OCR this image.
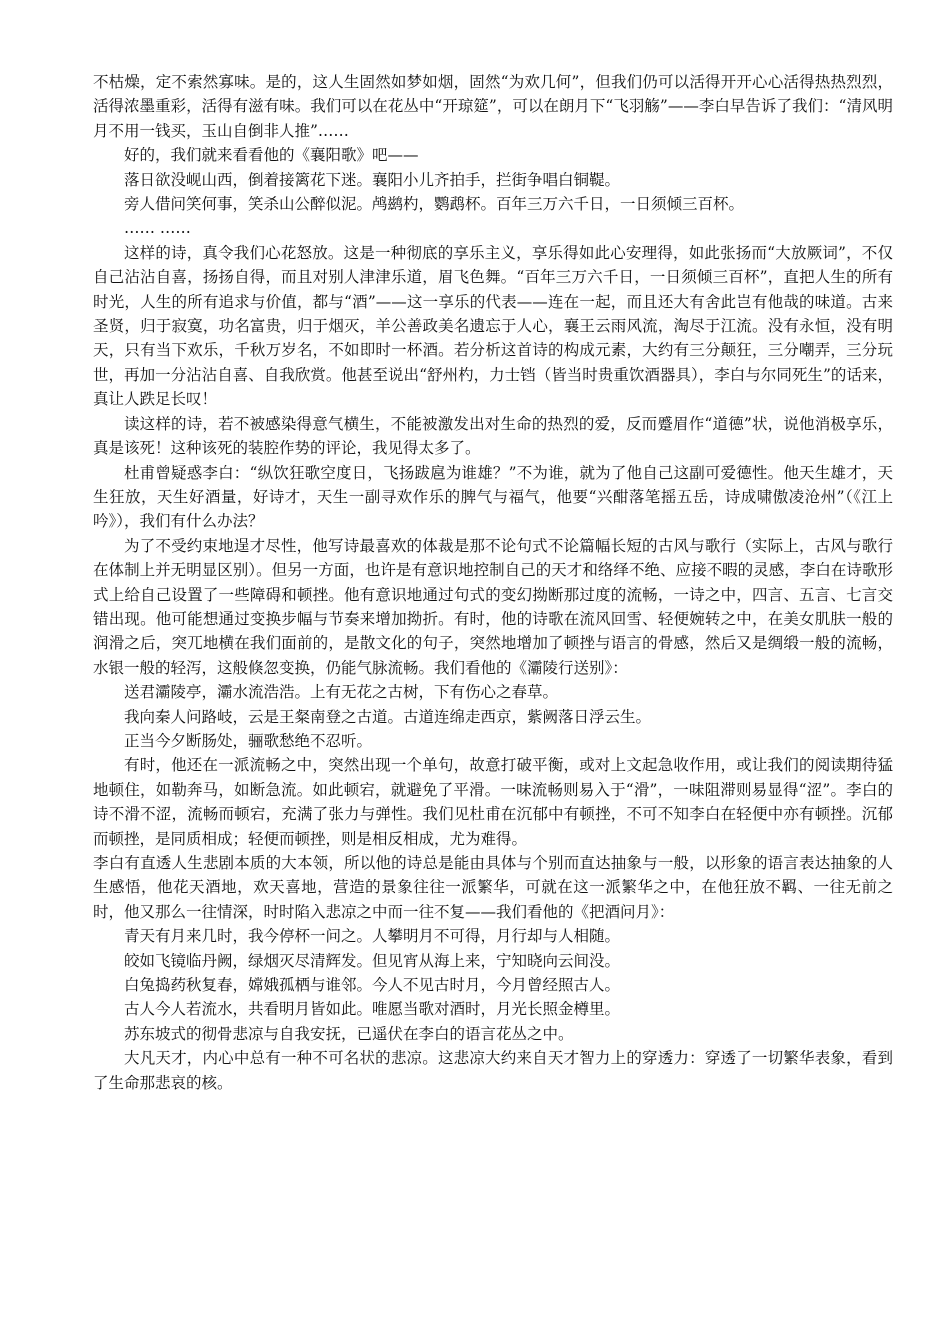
不枯燥，定不索然寡味。是的，这人生固然如梦如烟，固然“为欢几何”，但我们仍可以活得开开心心活得热热烈烈，活得浓墨重彩，活得有滋有味。我们可以在花丛中“开琼筵”，可以在朗月下“飞羽觞”——李白早告诉了我们：“清风明月不用一钱买，玉山自倒非人推”……

好的，我们就来看看他的《襄阳歌》吧——

落日欲没岘山西，倒着接篱花下迷。襄阳小儿齐拍手，拦街争唱白铜鞮。

旁人借问笑何事，笑杀山公醉似泥。鸬鹚杓，鹦鹉杯。百年三万六千日，一日须倾三百杯。

…… ……

这样的诗，真令我们心花怒放。这是一种彻底的享乐主义，享乐得如此心安理得，如此张扬而“大放厥词”，不仅自己沾沾自喜，扬扬自得，而且对别人津津乐道，眉飞色舞。“百年三万六千日，一日须倾三百杯”，直把人生的所有时光，人生的所有追求与价值，都与“酒”——这一享乐的代表——连在一起，而且还大有舍此岂有他哉的味道。古来圣贤，归于寂寞，功名富贵，归于烟灭，羊公善政美名遗忘于人心，襄王云雨风流，淘尽于江流。没有永恒，没有明天，只有当下欢乐，千秋万岁名，不如即时一杯酒。若分析这首诗的构成元素，大约有三分颠狂，三分嘲弄，三分玩世，再加一分沾沾自喜、自我欣赏。他甚至说出“舒州杓，力士铛（皆当时贵重饮酒器具），李白与尔同死生”的话来，真让人跌足长叹！

读这样的诗，若不被感染得意气横生，不能被激发出对生命的热烈的爱，反而蹙眉作“道德”状，说他消极享乐，真是该死！这种该死的装腔作势的评论，我见得太多了。

杜甫曾疑惑李白：“纵饮狂歌空度日，飞扬跋扈为谁雄？”不为谁，就为了他自己这副可爱德性。他天生雄才，天生狂放，天生好酒量，好诗才，天生一副寻欢作乐的脾气与福气，他要“兴酣落笔摇五岳，诗成啸傲凌沧州”（《江上吟》），我们有什么办法？

为了不受约束地逞才尽性，他写诗最喜欢的体裁是那不论句式不论篇幅长短的古风与歌行（实际上，古风与歌行在体制上并无明显区别）。但另一方面，也许是有意识地控制自己的天才和络绎不绝、应接不暇的灵感，李白在诗歌形式上给自己设置了一些障碍和顿挫。他有意识地通过句式的变幻拗断那过度的流畅，一诗之中，四言、五言、七言交错出现。他可能想通过变换步幅与节奏来增加拗折。有时，他的诗歌在流风回雪、轻便婉转之中，在美女肌肤一般的润滑之后，突兀地横在我们面前的，是散文化的句子，突然地增加了顿挫与语言的骨感，然后又是绸缎一般的流畅，水银一般的轻泻，这般倏忽变换，仍能气脉流畅。我们看他的《灞陵行送别》：

送君灞陵亭，灞水流浩浩。上有无花之古树，下有伤心之春草。

我向秦人问路岐，云是王粲南登之古道。古道连绵走西京，紫阙落日浮云生。

正当今夕断肠处，骊歌愁绝不忍听。

有时，他还在一派流畅之中，突然出现一个单句，故意打破平衡，或对上文起急收作用，或让我们的阅读期待猛地顿住，如勒奔马，如断急流。如此顿宕，就避免了平滑。一味流畅则易入于“滑”，一味阻滞则易显得“涩”。李白的诗不滑不涩，流畅而顿宕，充满了张力与弹性。我们见杜甫在沉郁中有顿挫，不可不知李白在轻便中亦有顿挫。沉郁而顿挫，是同质相成；轻便而顿挫，则是相反相成，尤为难得。

李白有直透人生悲剧本质的大本领，所以他的诗总是能由具体与个别而直达抽象与一般，以形象的语言表达抽象的人生感悟，他花天酒地，欢天喜地，营造的景象往往一派繁华，可就在这一派繁华之中，在他狂放不羁、一往无前之时，他又那么一往情深，时时陷入悲凉之中而一往不复——我们看他的《把酒问月》：

青天有月来几时，我今停杯一问之。人攀明月不可得，月行却与人相随。

皎如飞镜临丹阙，绿烟灭尽清辉发。但见宵从海上来，宁知晓向云间没。

白兔捣药秋复春，嫦娥孤栖与谁邻。今人不见古时月，今月曾经照古人。

古人今人若流水，共看明月皆如此。唯愿当歌对酒时，月光长照金樽里。

苏东坡式的彻骨悲凉与自我安抚，已遥伏在李白的语言花丛之中。

大凡天才，内心中总有一种不可名状的悲凉。这悲凉大约来自天才智力上的穿透力：穿透了一切繁华表象，看到了生命那悲哀的核。
